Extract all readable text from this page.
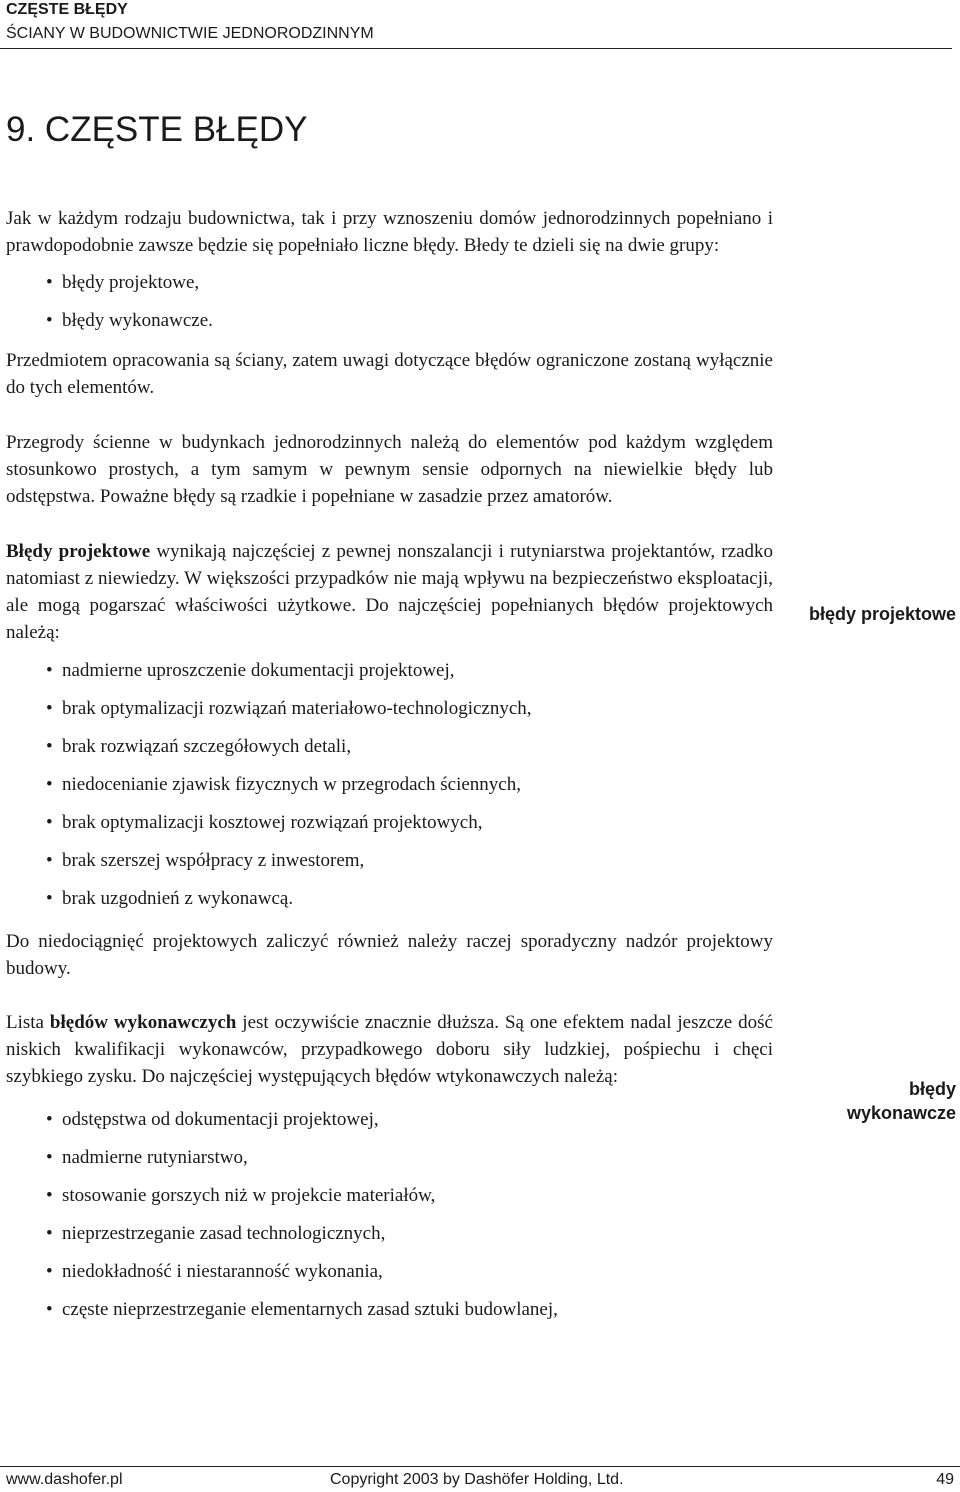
CZĘSTE BŁĘDY
ŚCIANY W BUDOWNICTWIE JEDNORODZINNYM
9. CZĘSTE BŁĘDY

Jak w każdym rodzaju budownictwa, tak i przy wznoszeniu domów jednorodzinnych popełniano i prawdopodobnie zawsze będzie się popełniało liczne błędy. Błedy te dzieli się na dwie grupy:

• błędy projektowe,
• błędy wykonawcze.

Przedmiotem opracowania są ściany, zatem uwagi dotyczące błędów ograniczone zostaną wyłącznie do tych elementów.

Przegrody ścienne w budynkach jednorodzinnych należą do elementów pod każdym względem stosunkowo prostych, a tym samym w pewnym sensie odpornych na niewielkie błędy lub odstępstwa. Poważne błędy są rzadkie i popełniane w zasadzie przez amatorów.

Błędy projektowe wynikają najczęściej z pewnej nonszalancji i rutyniarstwa projektantów, rzadko natomiast z niewiedzy. W większości przypadków nie mają wpływu na bezpieczeństwo eksploatacji, ale mogą pogarszać właściwości użytkowe. Do najczęściej popełnianych błędów projektowych należą:

• nadmierne uproszczenie dokumentacji projektowej,
• brak optymalizacji rozwiązań materiałowo-technologicznych,
• brak rozwiązań szczegółowych detali,
• niedocenianie zjawisk fizycznych w przegrodach ściennych,
• brak optymalizacji kosztowej rozwiązań projektowych,
• brak szerszej współpracy z inwestorem,
• brak uzgodnień z wykonawcą.

Do niedociągnięć projektowych zaliczyć również należy raczej sporadyczny nadzór projektowy budowy.

Lista błędów wykonawczych jest oczywiście znacznie dłuższa. Są one efektem nadal jeszcze dość niskich kwalifikacji wykonawców, przypadkowego doboru siły ludzkiej, pośpiechu i chęci szybkiego zysku. Do najczęściej występujących błędów wtykonawczych należą:

• odstępstwa od dokumentacji projektowej,
• nadmierne rutyniarstwo,
• stosowanie gorszych niż w projekcie materiałów,
• nieprzestrzeganie zasad technologicznych,
• niedokładność i niestaranność wykonania,
• częste nieprzestrzeganie elementarnych zasad sztuki budowlanej,
błędy projektowe
błędy
wykonawcze
www.dashofer.pl	Copyright 2003 by Dashöfer Holding, Ltd.	49
